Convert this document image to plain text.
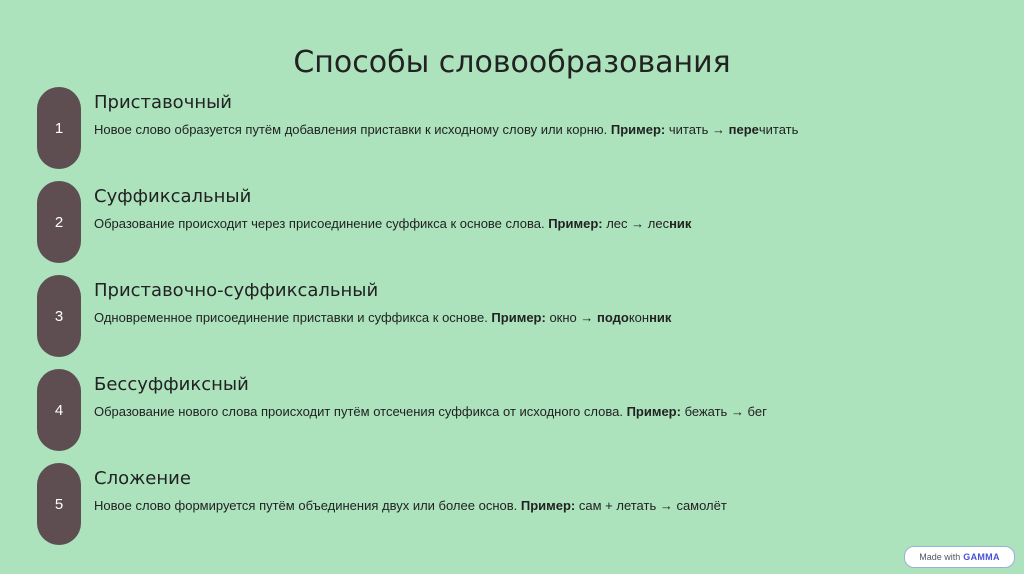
Способы словообразования
1
Приставочный
Новое слово образуется путём добавления приставки к исходному слову или корню. Пример: читать → перечитать
2
Суффиксальный
Образование происходит через присоединение суффикса к основе слова. Пример: лес → лесник
3
Приставочно-суффиксальный
Одновременное присоединение приставки и суффикса к основе. Пример: окно → подоконник
4
Бессуффиксный
Образование нового слова происходит путём отсечения суффикса от исходного слова. Пример: бежать → бег
5
Сложение
Новое слово формируется путём объединения двух или более основ. Пример: сам + летать → самолёт
Made with GAMMA
